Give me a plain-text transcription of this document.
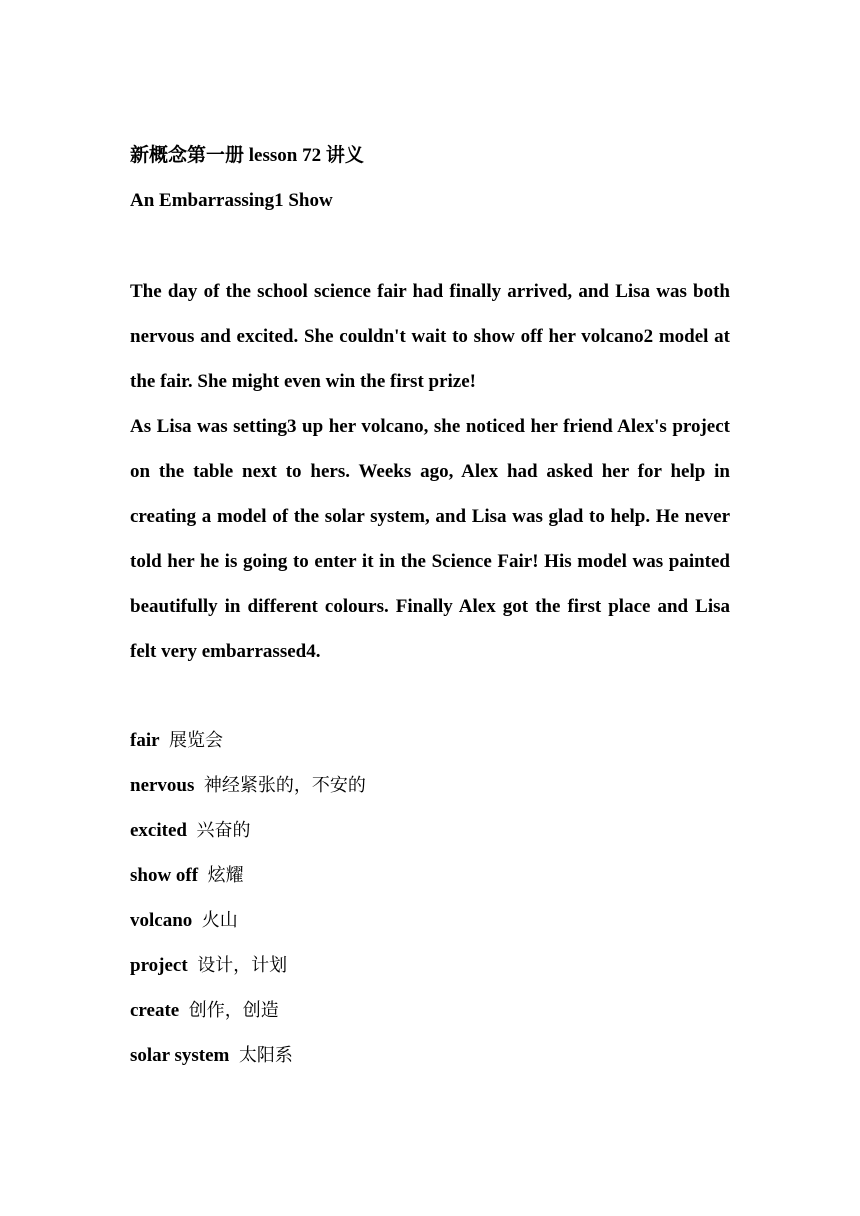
新概念第一册 lesson 72 讲义
An Embarrassing1 Show

The day of the school science fair had finally arrived, and Lisa was both nervous and excited. She couldn't wait to show off her volcano2 model at the fair. She might even win the first prize!

As Lisa was setting3 up her volcano, she noticed her friend Alex's project on the table next to hers. Weeks ago, Alex had asked her for help in creating a model of the solar system, and Lisa was glad to help. He never told her he is going to enter it in the Science Fair! His model was painted beautifully in different colours. Finally Alex got the first place and Lisa felt very embarrassed4.

fair 展览会
nervous 神经紧张的，不安的
excited 兴奋的
show off 炫耀
volcano 火山
project 设计，计划
create 创作，创造
solar system 太阳系
